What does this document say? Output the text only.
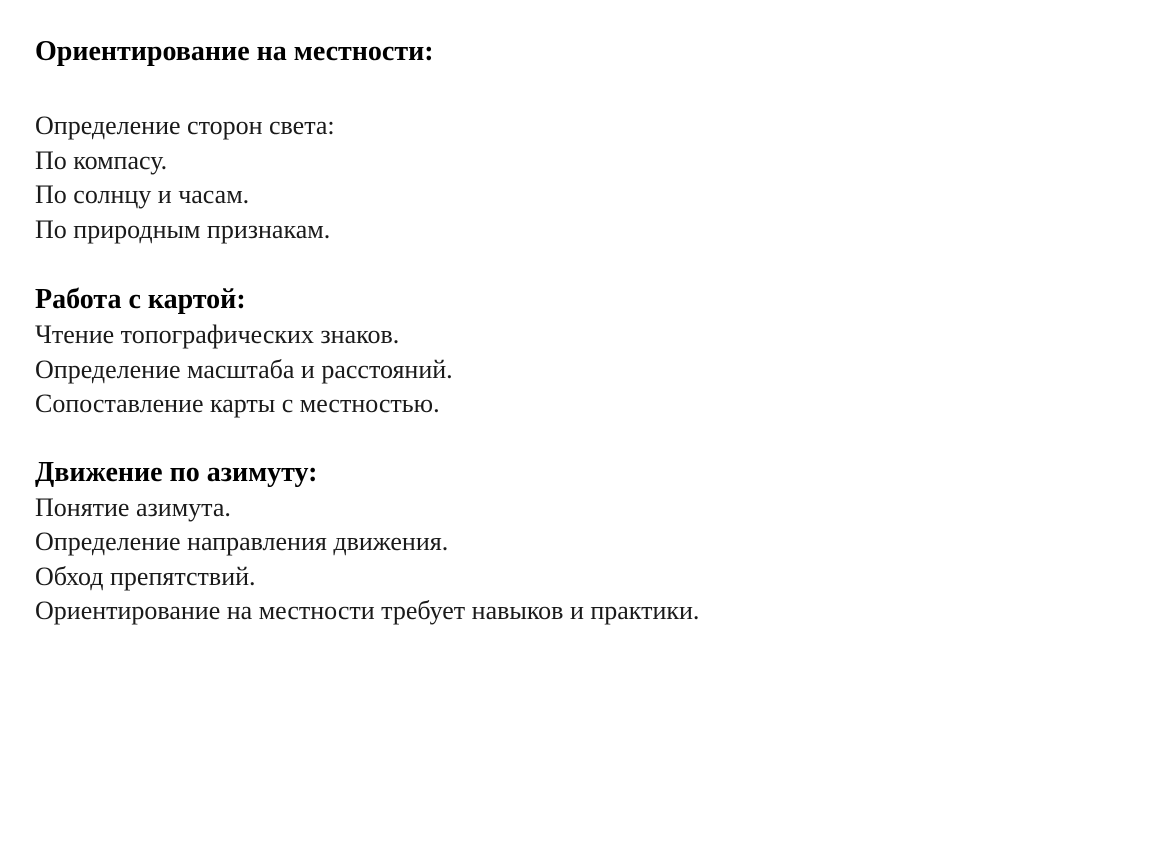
Ориентирование на местности:

Определение сторон света:

По компасу.

По солнцу и часам.

По природным признакам.

Работа с картой:

Чтение топографических знаков.

Определение масштаба и расстояний.

Сопоставление карты с местностью.

Движение по азимуту:

Понятие азимута.

Определение направления движения.

Обход препятствий.

Ориентирование на местности требует навыков и практики.
